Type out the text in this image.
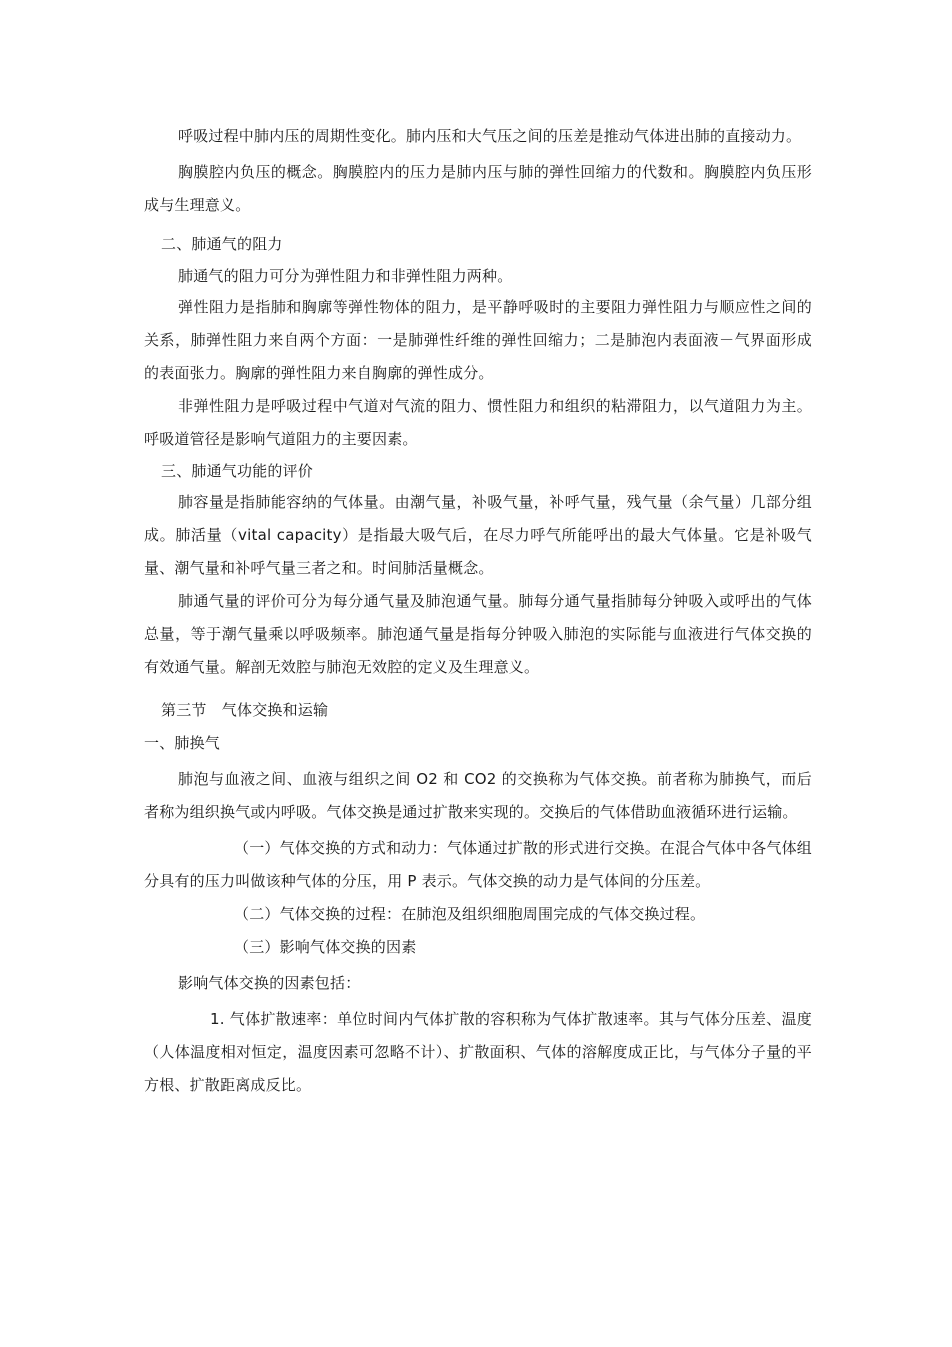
呼吸过程中肺内压的周期性变化。肺内压和大气压之间的压差是推动气体进出肺的直接动力。

胸膜腔内负压的概念。胸膜腔内的压力是肺内压与肺的弹性回缩力的代数和。胸膜腔内负压形成与生理意义。

二、肺通气的阻力

肺通气的阻力可分为弹性阻力和非弹性阻力两种。

弹性阻力是指肺和胸廓等弹性物体的阻力，是平静呼吸时的主要阻力弹性阻力与顺应性之间的关系，肺弹性阻力来自两个方面：一是肺弹性纤维的弹性回缩力；二是肺泡内表面液－气界面形成的表面张力。胸廓的弹性阻力来自胸廓的弹性成分。

非弹性阻力是呼吸过程中气道对气流的阻力、惯性阻力和组织的粘滞阻力，以气道阻力为主。呼吸道管径是影响气道阻力的主要因素。

三、肺通气功能的评价

肺容量是指肺能容纳的气体量。由潮气量，补吸气量，补呼气量，残气量（余气量）几部分组成。肺活量（vital capacity）是指最大吸气后，在尽力呼气所能呼出的最大气体量。它是补吸气量、潮气量和补呼气量三者之和。时间肺活量概念。

肺通气量的评价可分为每分通气量及肺泡通气量。肺每分通气量指肺每分钟吸入或呼出的气体总量，等于潮气量乘以呼吸频率。肺泡通气量是指每分钟吸入肺泡的实际能与血液进行气体交换的有效通气量。解剖无效腔与肺泡无效腔的定义及生理意义。

第三节　气体交换和运输

一、肺换气

肺泡与血液之间、血液与组织之间 O2 和 CO2 的交换称为气体交换。前者称为肺换气，而后者称为组织换气或内呼吸。气体交换是通过扩散来实现的。交换后的气体借助血液循环进行运输。

（一）气体交换的方式和动力：气体通过扩散的形式进行交换。在混合气体中各气体组分具有的压力叫做该种气体的分压，用 P 表示。气体交换的动力是气体间的分压差。

（二）气体交换的过程：在肺泡及组织细胞周围完成的气体交换过程。

（三）影响气体交换的因素

影响气体交换的因素包括：

1. 气体扩散速率：单位时间内气体扩散的容积称为气体扩散速率。其与气体分压差、温度（人体温度相对恒定，温度因素可忽略不计）、扩散面积、气体的溶解度成正比，与气体分子量的平方根、扩散距离成反比。
